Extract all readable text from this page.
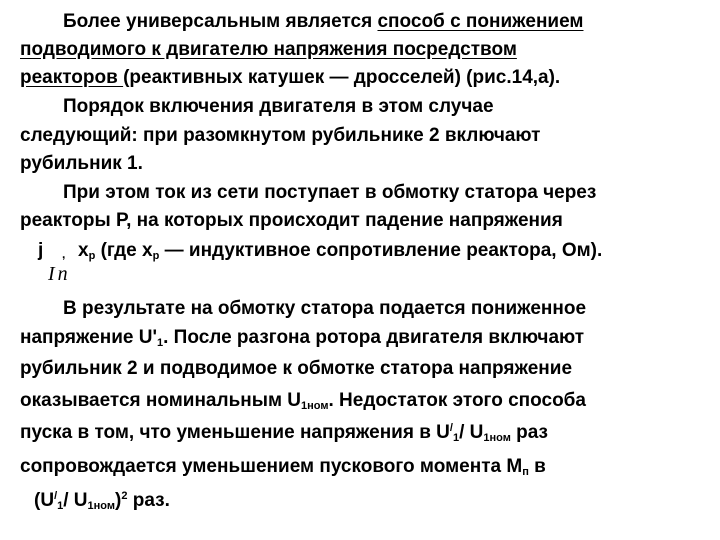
Более универсальным является способ с понижением
подводимого к двигателю напряжения посредством
реакторов (реактивных катушек — дросселей) (рис.14,а).
Порядок включения двигателя в этом случае
следующий: при разомкнутом рубильнике 2 включают
рубильник 1.
При этом ток из сети поступает в обмотку статора через
реакторы Р, на которых происходит падение напряжения
j ,
In
$x_р$ (где $x_р$ — индуктивное сопротивление реактора, Ом).
В результате на обмотку статора подается пониженное
напряжение $U'_1$. После разгона ротора двигателя включают
рубильник 2 и подводимое к обмотке статора напряжение
оказывается номинальным $U_{1ном}$. Недостаток этого способа
пуска в том, что уменьшение напряжения в $U^/_1/$ $U_{1ном}$ раз
сопровождается уменьшением пускового момента $М_п$ в
($U^/_1/$ $U_{1ном})^2$ раз.
